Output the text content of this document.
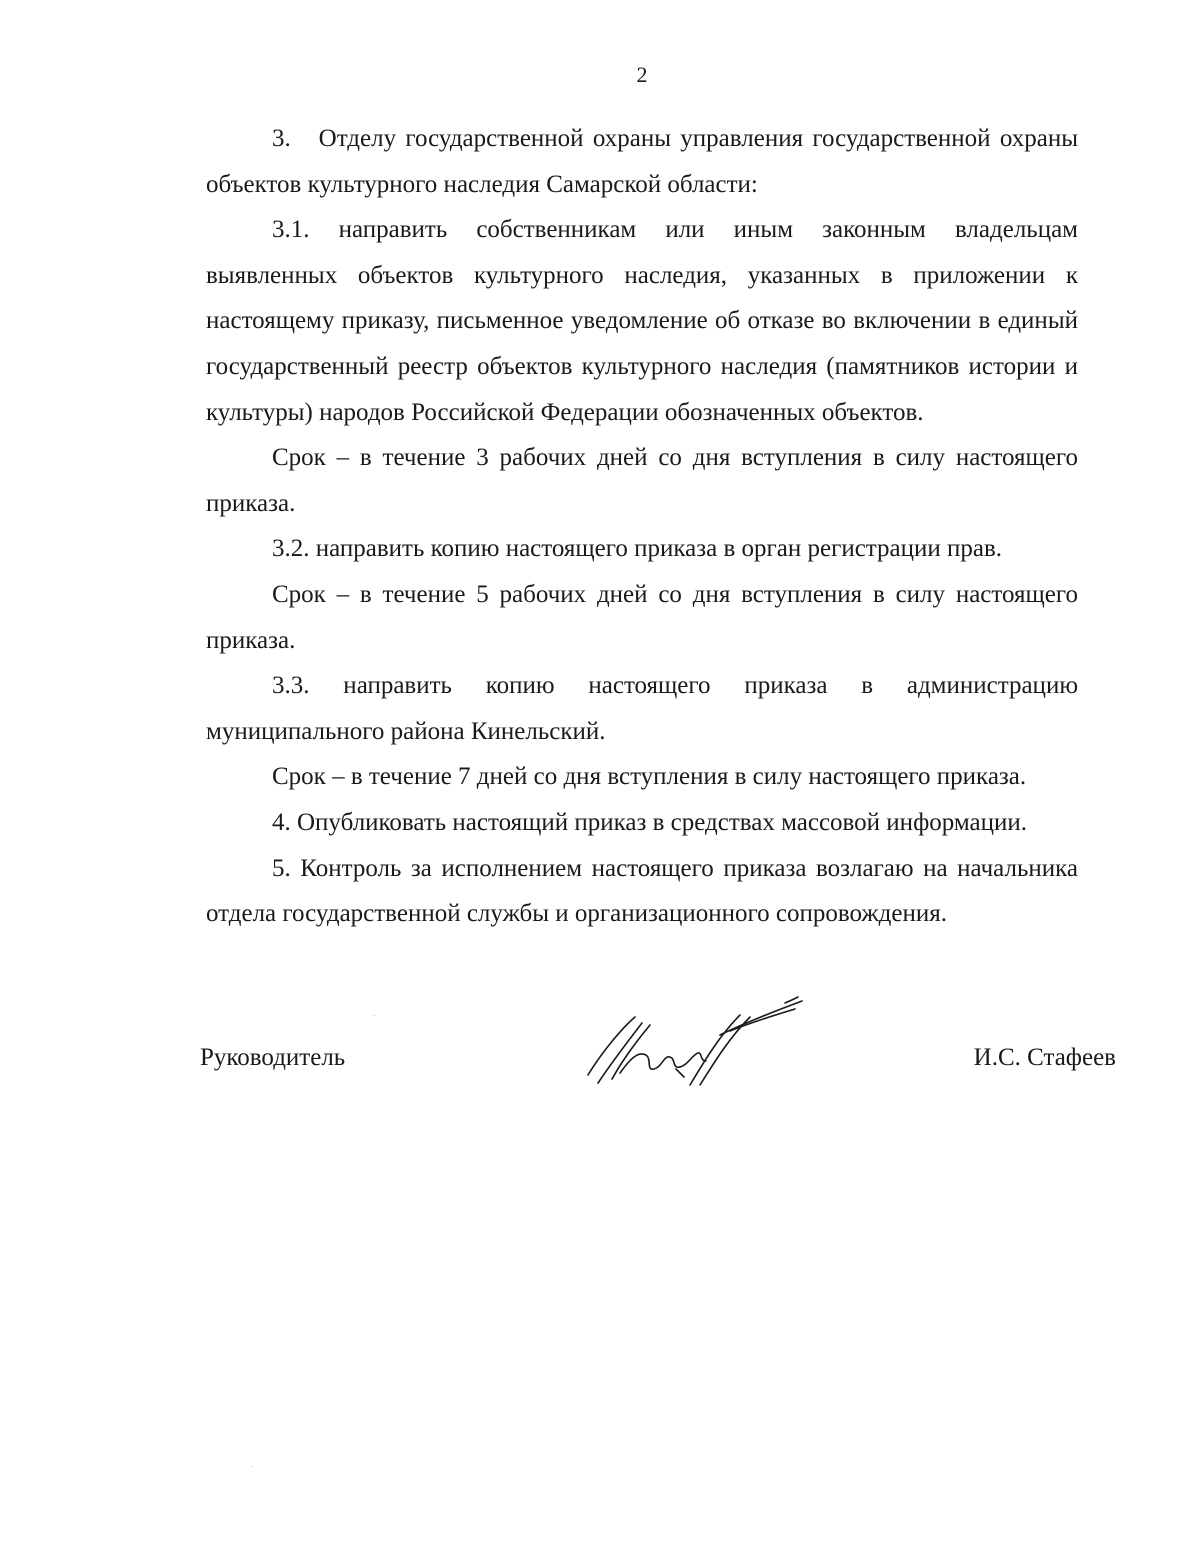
2

3.   Отделу государственной охраны управления государственной охраны объектов культурного наследия Самарской области:

3.1. направить собственникам или иным законным владельцам выявленных объектов культурного наследия, указанных в приложении к настоящему приказу, письменное уведомление об отказе во включении в единый государственный реестр объектов культурного наследия (памятников истории и культуры) народов Российской Федерации обозначенных объектов.

Срок – в течение 3 рабочих дней со дня вступления в силу настоящего приказа.

3.2. направить копию настоящего приказа в орган регистрации прав.

Срок – в течение 5 рабочих дней со дня вступления в силу настоящего приказа.

3.3. направить копию настоящего приказа в администрацию муниципального района Кинельский.

Срок – в течение 7 дней со дня вступления в силу настоящего приказа.

4. Опубликовать настоящий приказ в средствах массовой информации.

5. Контроль за исполнением настоящего приказа возлагаю на начальника отдела государственной службы и организационного сопровождения.

Руководитель	И.С. Стафеев
